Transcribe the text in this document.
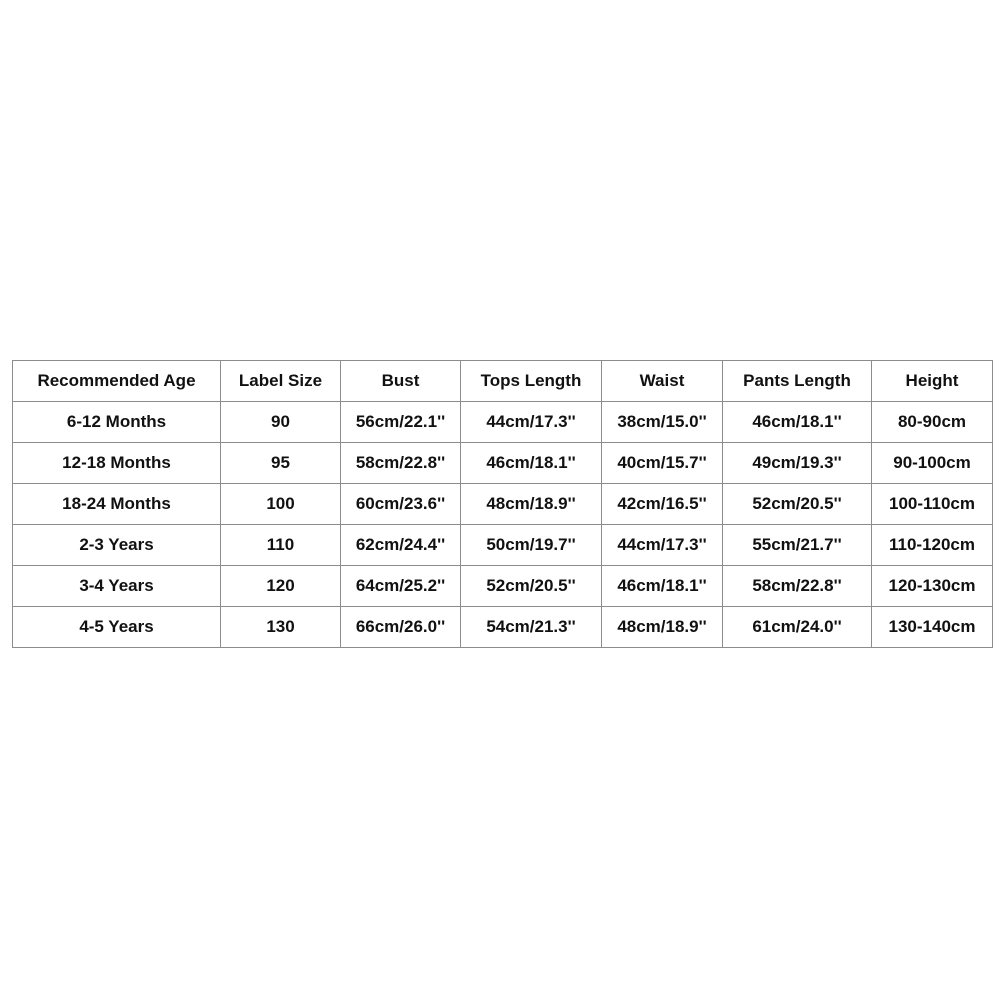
Recommended Age	Label Size	Bust	Tops Length	Waist	Pants Length	Height
6-12 Months	90	56cm/22.1''	44cm/17.3''	38cm/15.0''	46cm/18.1''	80-90cm
12-18 Months	95	58cm/22.8''	46cm/18.1''	40cm/15.7''	49cm/19.3''	90-100cm
18-24 Months	100	60cm/23.6''	48cm/18.9''	42cm/16.5''	52cm/20.5''	100-110cm
2-3 Years	110	62cm/24.4''	50cm/19.7''	44cm/17.3''	55cm/21.7''	110-120cm
3-4 Years	120	64cm/25.2''	52cm/20.5''	46cm/18.1''	58cm/22.8''	120-130cm
4-5 Years	130	66cm/26.0''	54cm/21.3''	48cm/18.9''	61cm/24.0''	130-140cm
